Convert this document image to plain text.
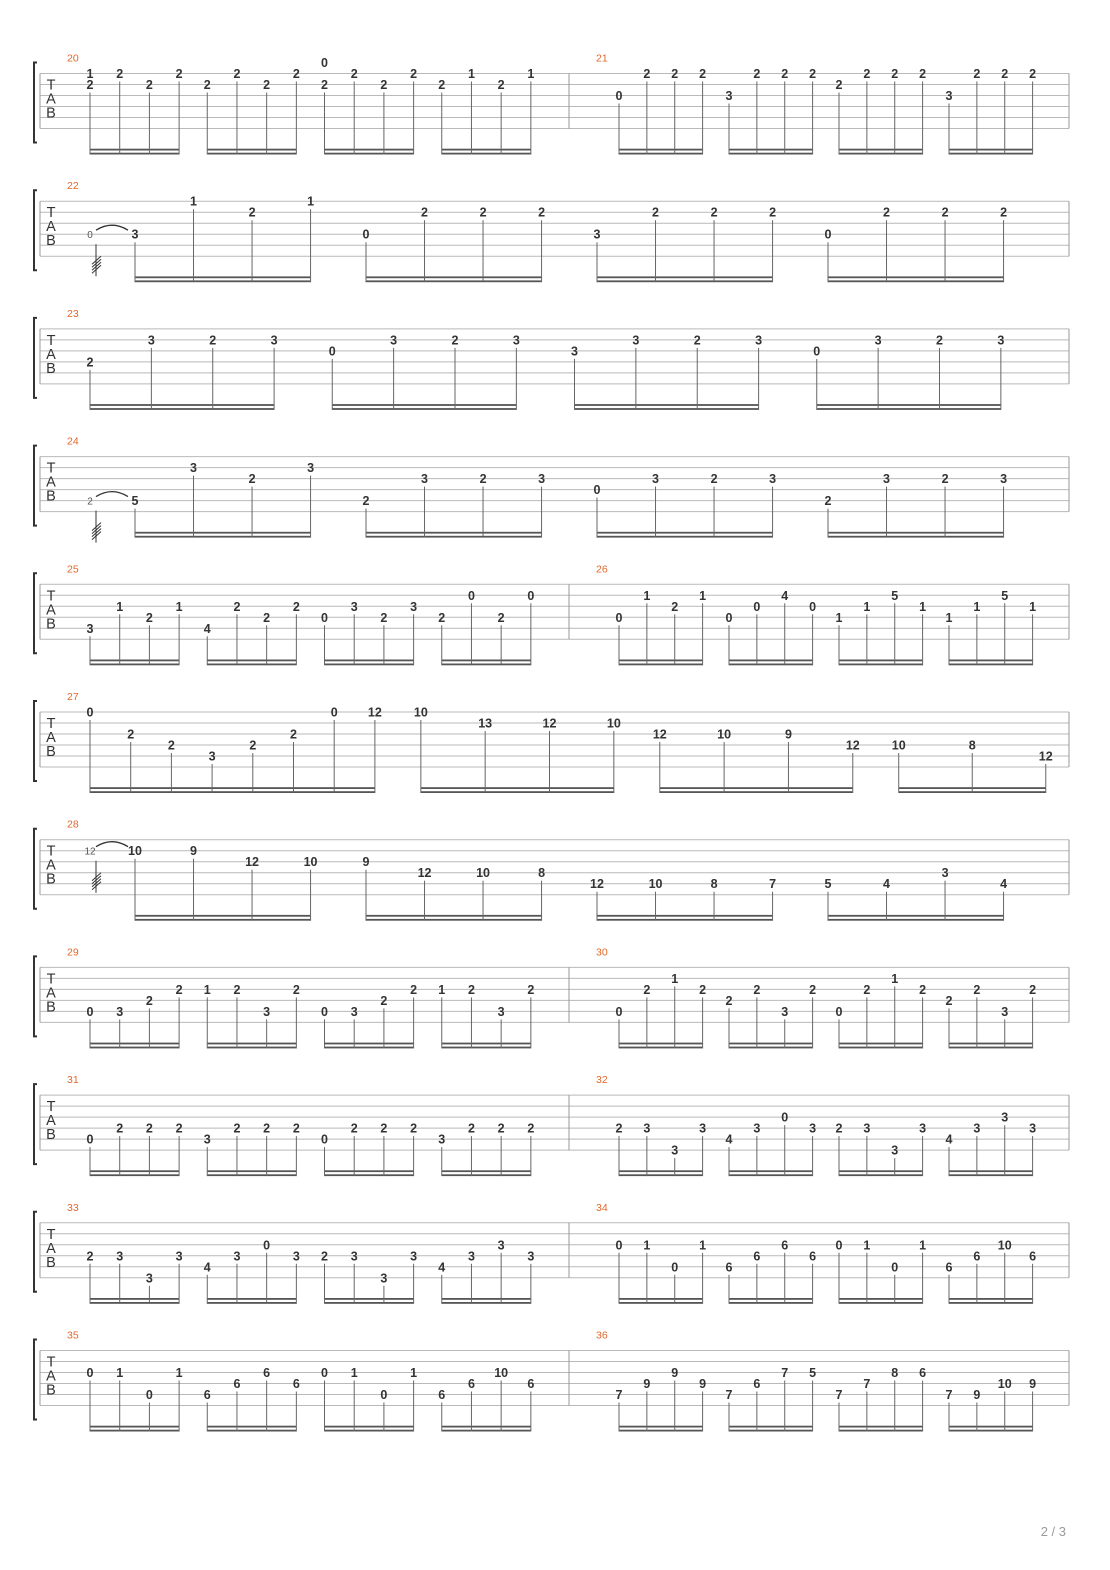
T
A
B
20
1
2
2
2
2
2
2
2
2
0
2
2
2
2
2
1
2
1
21
0
2 2 2
3
2 2 2
2
2 2 2
3
2 2 2
T
A
B
22
0	3
1
2
1
0
2	2	2
3
2	2	2
0
2	2	2
T
A
B
23
2
3	2	3
0
3	2	3
3
3	2	3
0
3	2	3
T
A
B
24
2	5
3
2
3
2
3	2	3
0
3	2	3
2
3	2	3
T
A
B
25
3
1
2
1
4
2
2
2
0
3
2
3
2
0
2
0
26
0
1
2
1
0
0
4
0
1
1
5
1
1
1
5
1
T
A
B
27
0
2
2
3
2
2
0 12	10
13	12	10
12	10	9
12	10	8
12
T
A
B
28
12	10	9
12	10	9
12	10	8
12	10	8	7	5	4
3
4
T
A
B
29
0 3
2
2 1 2
3
2
0 3
2
2 1 2
3
2
30
0
2
1
2
2
2
3
2
0
2
1
2
2
2
3
2
T
A
B
31
0
2 2 2
3
2 2 2
0
2 2 2
3
2 2 2
32
2 3
3
3
4
3
0
3 2 3
3
3
4
3
3
3
T
A
B
33
2 3
3
3
4
3
0
3 2 3
3
3
4
3
3
3
34
0 1
0
1
6
6
6
6
0 1
0
1
6
6
10
6
T
A
B
35
0 1
0
1
6
6
6
6
0 1
0
1
6
6
10
6
36
7
9
9
9
7
6
7 5
7
7
8 6
7 9
10 9
2 / 3
